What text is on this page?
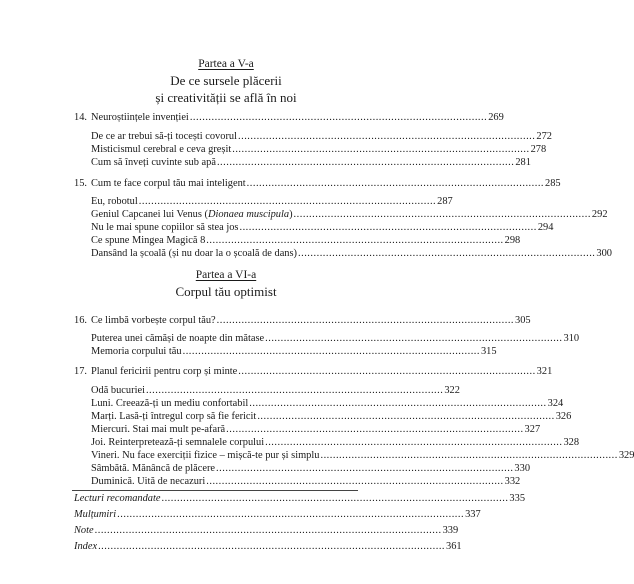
Partea a V-a
De ce sursele plăcerii
și creativității se află în noi
14. Neuroștiințele invenției ................................................................................................ 269
De ce ar trebui să-ți tocești covorul ................................................................................................ 272
Misticismul cerebral e ceva greșit ................................................................................................ 278
Cum să înveți cuvinte sub apă ................................................................................................ 281
15. Cum te face corpul tău mai inteligent ................................................................................................ 285
Eu, robotul ................................................................................................ 287
Geniul Capcanei lui Venus (Dionaea muscipula) ................................................................................................ 292
Nu le mai spune copiilor să stea jos ................................................................................................ 294
Ce spune Mingea Magică 8 ................................................................................................ 298
Dansând la școală (și nu doar la o școală de dans) ................................................................................................ 300
Partea a VI-a
Corpul tău optimist
16. Ce limbă vorbește corpul tău? ................................................................................................ 305
Puterea unei cămăși de noapte din mătase ................................................................................................ 310
Memoria corpului tău ................................................................................................ 315
17. Planul fericirii pentru corp și minte ................................................................................................ 321
Odă bucuriei ................................................................................................ 322
Luni. Creează-ți un mediu confortabil ................................................................................................ 324
Marți. Lasă-ți întregul corp să fie fericit ................................................................................................ 326
Miercuri. Stai mai mult pe-afară ................................................................................................ 327
Joi. Reinterpretează-ți semnalele corpului ................................................................................................ 328
Vineri. Nu face exerciții fizice – mișcă-te pur și simplu ................................................................................................ 329
Sâmbătă. Mănâncă de plăcere ................................................................................................ 330
Duminică. Uită de necazuri ................................................................................................ 332
Lecturi recomandate ................................................................................................................ 335
Mulțumiri ................................................................................................................ 337
Note ................................................................................................................ 339
Index ................................................................................................................ 361
